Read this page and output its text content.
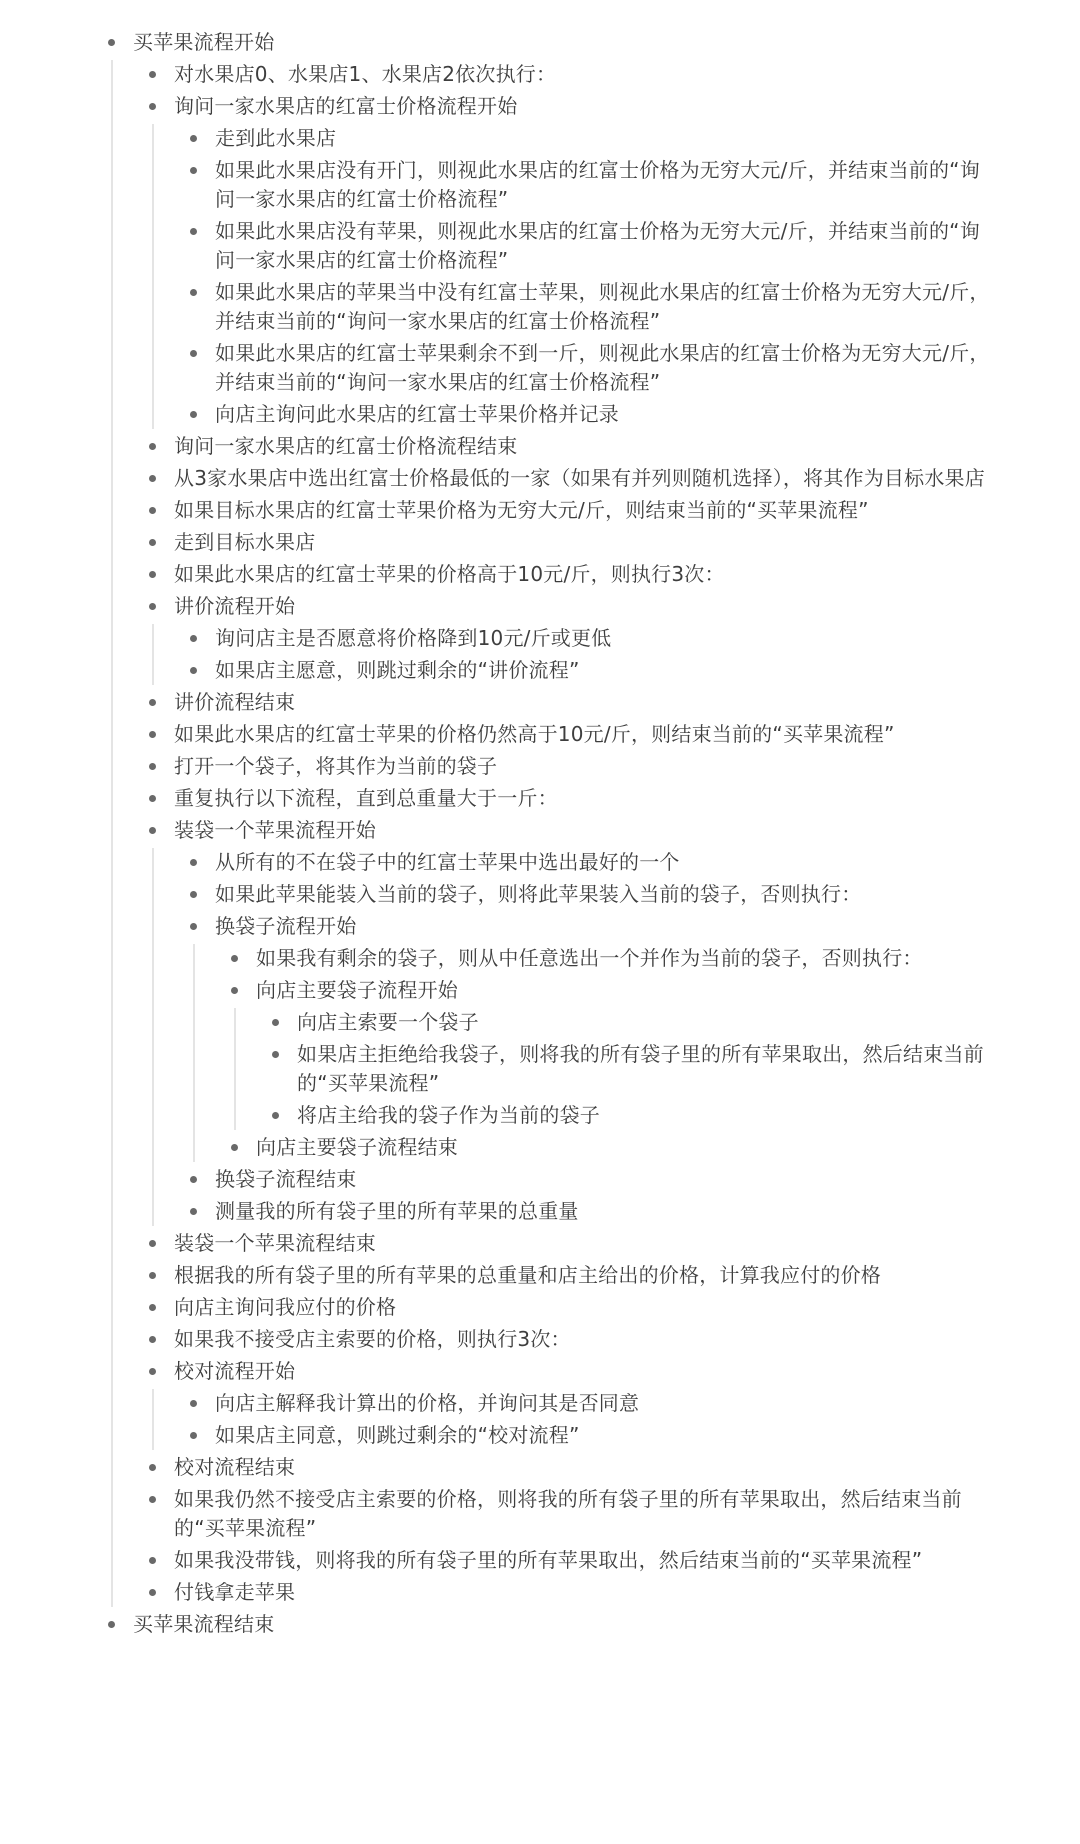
买苹果流程开始
对水果店0、水果店1、水果店2依次执行：
询问一家水果店的红富士价格流程开始
走到此水果店
如果此水果店没有开门，则视此水果店的红富士价格为无穷大元/斤，并结束当前的“询问一家水果店的红富士价格流程”
如果此水果店没有苹果，则视此水果店的红富士价格为无穷大元/斤，并结束当前的“询问一家水果店的红富士价格流程”
如果此水果店的苹果当中没有红富士苹果，则视此水果店的红富士价格为无穷大元/斤，并结束当前的“询问一家水果店的红富士价格流程”
如果此水果店的红富士苹果剩余不到一斤，则视此水果店的红富士价格为无穷大元/斤，并结束当前的“询问一家水果店的红富士价格流程”
向店主询问此水果店的红富士苹果价格并记录
询问一家水果店的红富士价格流程结束
从3家水果店中选出红富士价格最低的一家（如果有并列则随机选择），将其作为目标水果店
如果目标水果店的红富士苹果价格为无穷大元/斤，则结束当前的“买苹果流程”
走到目标水果店
如果此水果店的红富士苹果的价格高于10元/斤，则执行3次：
讲价流程开始
询问店主是否愿意将价格降到10元/斤或更低
如果店主愿意，则跳过剩余的“讲价流程”
讲价流程结束
如果此水果店的红富士苹果的价格仍然高于10元/斤，则结束当前的“买苹果流程”
打开一个袋子，将其作为当前的袋子
重复执行以下流程，直到总重量大于一斤：
装袋一个苹果流程开始
从所有的不在袋子中的红富士苹果中选出最好的一个
如果此苹果能装入当前的袋子，则将此苹果装入当前的袋子，否则执行：
换袋子流程开始
如果我有剩余的袋子，则从中任意选出一个并作为当前的袋子，否则执行：
向店主要袋子流程开始
向店主索要一个袋子
如果店主拒绝给我袋子，则将我的所有袋子里的所有苹果取出，然后结束当前的“买苹果流程”
将店主给我的袋子作为当前的袋子
向店主要袋子流程结束
换袋子流程结束
测量我的所有袋子里的所有苹果的总重量
装袋一个苹果流程结束
根据我的所有袋子里的所有苹果的总重量和店主给出的价格，计算我应付的价格
向店主询问我应付的价格
如果我不接受店主索要的价格，则执行3次：
校对流程开始
向店主解释我计算出的价格，并询问其是否同意
如果店主同意，则跳过剩余的“校对流程”
校对流程结束
如果我仍然不接受店主索要的价格，则将我的所有袋子里的所有苹果取出，然后结束当前的“买苹果流程”
如果我没带钱，则将我的所有袋子里的所有苹果取出，然后结束当前的“买苹果流程”
付钱拿走苹果
买苹果流程结束
